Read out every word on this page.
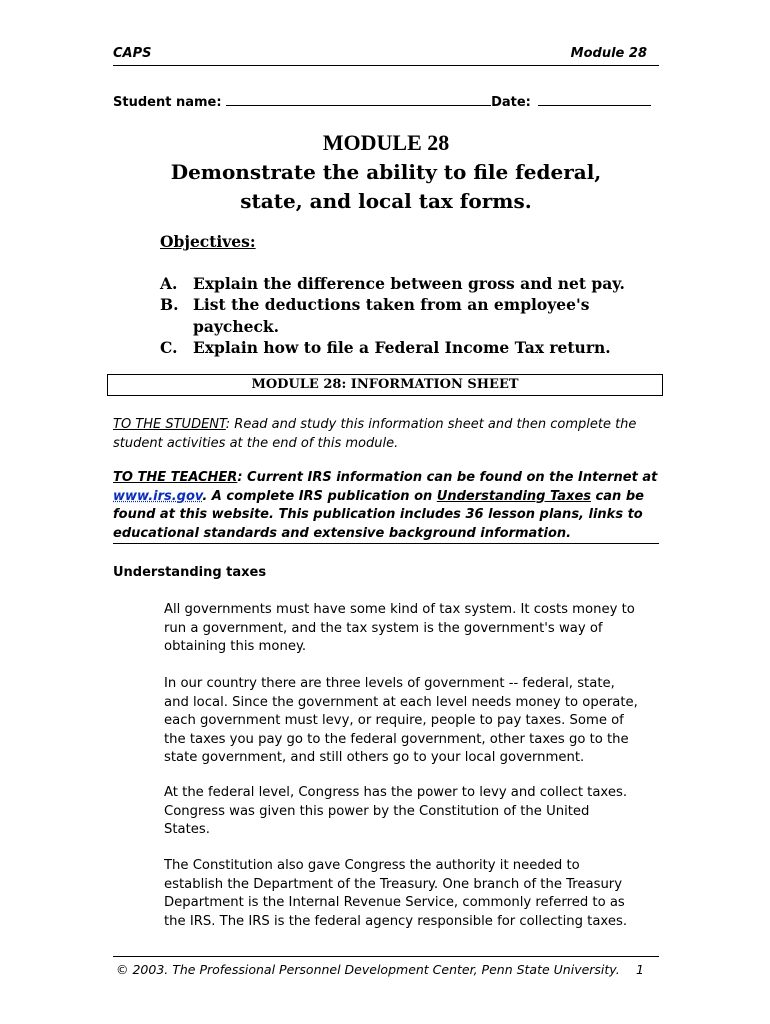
CAPS	Module 28
Student name:	Date:
MODULE 28
Demonstrate the ability to file federal,
state, and local tax forms.
Objectives:
A. Explain the difference between gross and net pay.
B. List the deductions taken from an employee's
paycheck.
C. Explain how to file a Federal Income Tax return.
MODULE 28: INFORMATION SHEET
TO THE STUDENT: Read and study this information sheet and then complete the
student activities at the end of this module.
TO THE TEACHER: Current IRS information can be found on the Internet at
www.irs.gov. A complete IRS publication on Understanding Taxes can be
found at this website. This publication includes 36 lesson plans, links to
educational standards and extensive background information.
Understanding taxes
All governments must have some kind of tax system. It costs money to
run a government, and the tax system is the government's way of
obtaining this money.
In our country there are three levels of government -- federal, state,
and local. Since the government at each level needs money to operate,
each government must levy, or require, people to pay taxes. Some of
the taxes you pay go to the federal government, other taxes go to the
state government, and still others go to your local government.
At the federal level, Congress has the power to levy and collect taxes.
Congress was given this power by the Constitution of the United
States.
The Constitution also gave Congress the authority it needed to
establish the Department of the Treasury. One branch of the Treasury
Department is the Internal Revenue Service, commonly referred to as
the IRS. The IRS is the federal agency responsible for collecting taxes.
© 2003. The Professional Personnel Development Center, Penn State University. 1
